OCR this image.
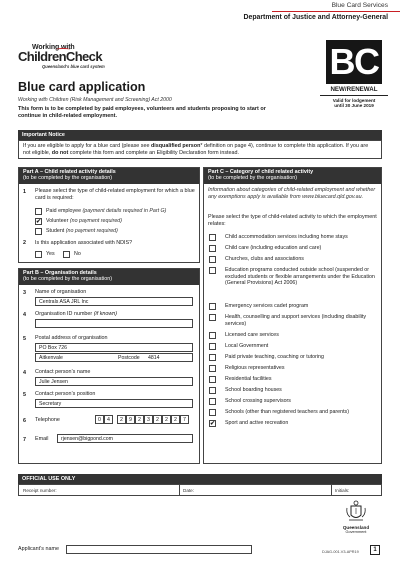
Blue Card Services
Department of Justice and Attorney-General
Working with
ChildrenCheck
Queensland's blue card system	BC
NEW/RENEWAL
Valid for lodgement
until 30 June 2019
Blue card application
Working with Children (Risk Management and Screening) Act 2000
This form is to be completed by paid employees, volunteers and students proposing to start or continue in child-related employment.
Important Notice
If you are eligible to apply for a blue card (please see disqualified person* definition on page 4), continue to complete this application. If you are not eligible, do not complete this form and complete an Eligibility Declaration form instead.
Part A – Child related activity details
(to be completed by the organisation)
1 Please select the type of child-related employment for which a blue card is required:
Paid employee (payment details required in Part G)
✔ Volunteer (no payment required)
Student (no payment required)
2 Is this application associated with NDIS?
Yes	No
Part B – Organisation details
(to be completed by the organisation)
3 Name of organisation
Centrals ASA JRL Inc
4 Organisation ID number (if known)
5 Postal address of organisation
PO Box 726
Aitkenvale	Postcode 4814
4 Contact person’s name
Julie Jensen
5 Contact person’s position
Secretary
6 Telephone	0	4	2	9	2	3	2	2	2	7
7 Email	rjensen@bigpond.com
Part C – Category of child related activity
(to be completed by the organisation)
Information about categories of child-related employment and whether any exemptions apply is available from www.bluecard.qld.gov.au.
Please select the type of child-related activity to which the employment relates:
Child accommodation services including home stays
Child care (including education and care)
Churches, clubs and associations
Education programs conducted outside school (suspended or excluded students or flexible arrangements under the Education (General Provisions) Act 2006)
Emergency services cadet program
Health, counselling and support services (including disability services)
Licensed care services
Local Government
Paid private teaching, coaching or tutoring
Religious representatives
Residential facilities
School boarding houses
School crossing supervisors
Schools (other than registered teachers and parents)
✔ Sport and active recreation
OFFICIAL USE ONLY
Receipt number:	Date:	Initials:
Queensland
Government
Applicant’s name	DJAG-001.V3-APR19	1
